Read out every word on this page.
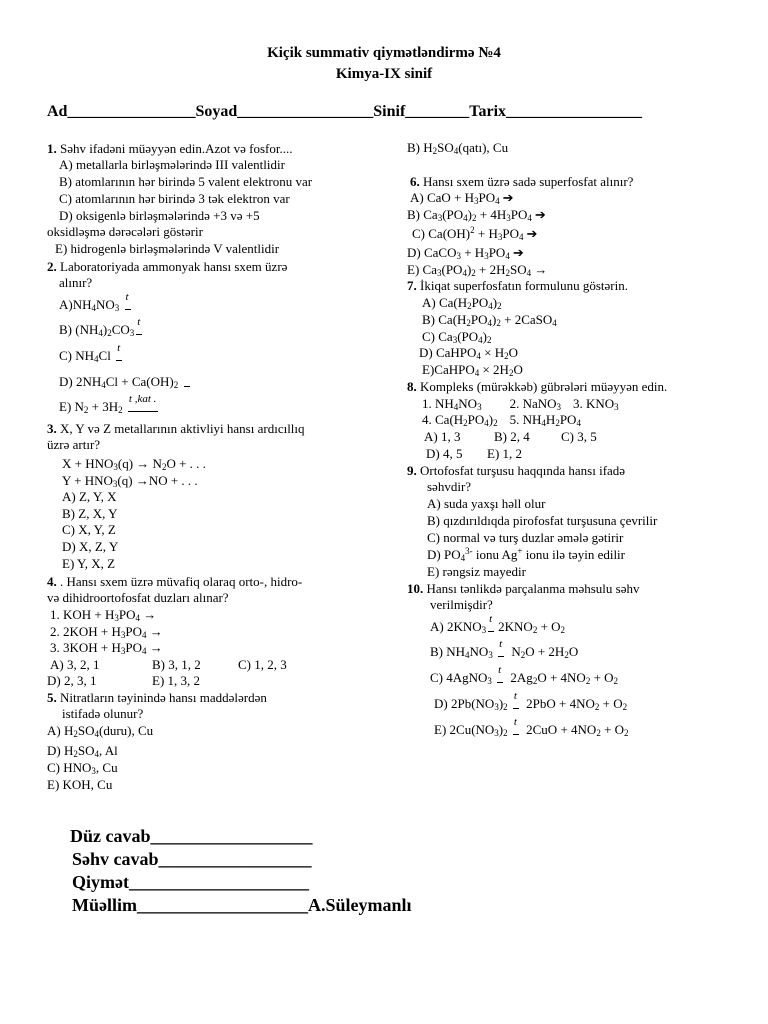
Kiçik summativ qiymətləndirmə №4
Kimya-IX sinif
Ad________________Soyad_________________Sinif________Tarix_________________
1. Səhv ifadəni müəyyən edin.Azot və fosfor....
A) metallarla birləşmələrində III valentlidir
B) atomlarının hər birində 5 valent elektronu var
C) atomlarının hər birində 3 tək elektron var
D) oksigenlə birləşmələrində +3 və +5
oksidləşmə dərəcələri göstərir
E) hidrogenlə birləşmələrində V valentlidir
2. Laboratoriyada ammonyak hansı sxem üzrə
alınır?
$A)NH_4NO_3$
t
B) $(NH_4)_2CO_3$
t
C) $NH_4Cl$ t
D) $2NH_4Cl + Ca(OH)_2$
E) $N_2 + 3H_2$
t ,kat .
3. X, Y və Z metallarının aktivliyi hansı ardıcıllıq
üzrə artır?
$X + HNO_3(q) \to N_2O$ + . . .
$Y + HNO_3(q) \to NO$ + . . .
A) Z, Y, X
B) Z, X, Y
C) X, Y, Z
D) X, Z, Y
E) Y, X, Z
4. . Hansı sxem üzrə müvafiq olaraq orto-, hidro-
və dihidroortofosfat duzları alınar?
1. KOH + $H_3PO_4$ →
2. $2KOH + H_3PO_4$ →
3. $3KOH + H_3PO_4$ →
A) 3, 2, 1	B) 3, 1, 2	C) 1, 2, 3
D) 2, 3, 1	E) 1, 3, 2
5. Nitratların təyinində hansı maddələrdən
istifadə olunur?
A) $H_2SO_4(duru)$, Cu
D) $H_2SO_4$, Al
C) $HNO_3$, Cu
E) KOH, Cu
B) $H_2SO_4(qatı)$, Cu
6. Hansı sxem üzrə sadə superfosfat alınır?
A) CaO + $H_3PO_4$ ➔
B) $Ca_3(PO_4)_2 + 4H_3PO_4$ ➔
C) $Ca(OH)^2 + H_3PO_4$ ➔
D) CaCO$_3$ + $H_3PO_4$ ➔
E) $Ca_3(PO_4)_2 + 2H_2SO_4$ →
7. İkiqat superfosfatın formulunu göstərin.
A) $Ca(H_2PO_4)_2$
B) $Ca(H_2PO_4)_2$ + 2CaSO$_4$
C) $Ca_3(PO_4)_2$
D) CaHPO$_4$ × $H_2O$
E)CaHPO$_4$ × $2H_2O$
8. Kompleks (mürəkkəb) gübrələri müəyyən edin.
1. $NH_4NO_3$ 2. NaNO$_3$ 3. $KNO_3$
4. $Ca(H_2PO_4)_2$ 5. $NH_4H_2PO_4$
A) 1, 3	B) 2, 4 C) 3, 5
D) 4, 5 E) 1, 2
9. Ortofosfat turşusu haqqında hansı ifadə
səhvdir?
A) suda yaxşı həll olur
B) qızdırıldıqda pirofosfat turşusuna çevrilir
C) normal və turş duzlar əmələ gətirir
D) $PO_4^{3-}$ ionu Ag+ ionu ilə təyin edilir
E) rəngsiz mayedir
10. Hansı tənlikdə parçalanma məhsulu səhv
verilmişdir?
A) $2KNO_3$
t $2KNO_2 + O_2$
B) $NH_4NO_3$
t $N_2O + 2H_2O$
C) 4AgNO$_3$
t $2Ag_2O + 4NO_2 + O_2$
D) $2Pb(NO_3)_2$
t $2PbO + 4NO_2 + O_2$
E) $2Cu(NO_3)_2$
t $2CuO + 4NO_2 + O_2$
Düz cavab__________________
Səhv cavab_________________
Qiymət____________________
Müəllim___________________A.Süleymanlı
